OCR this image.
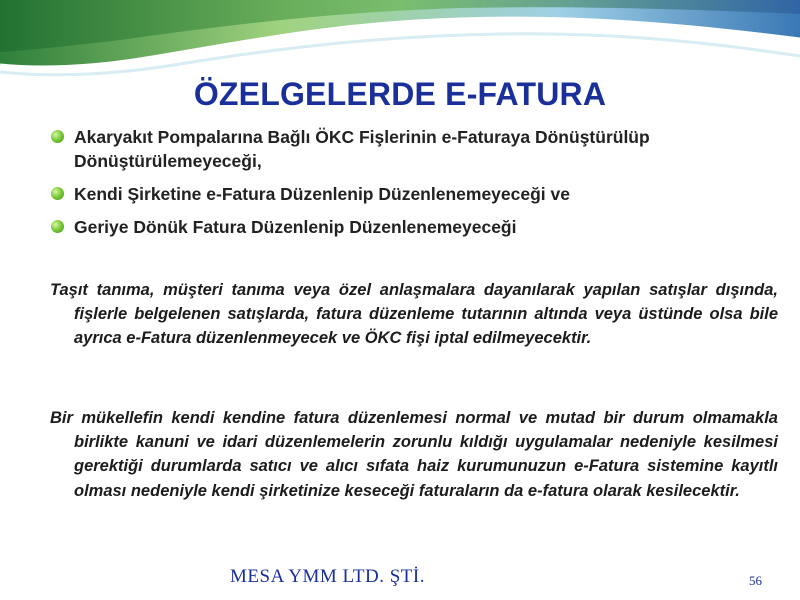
ÖZELGELERDE E-FATURA
Akaryakıt Pompalarına Bağlı ÖKC Fişlerinin e-Faturaya Dönüştürülüp Dönüştürülemeyeceği,
Kendi Şirketine e-Fatura Düzenlenip Düzenlenemeyeceği ve
Geriye Dönük Fatura Düzenlenip Düzenlenemeyeceği

Taşıt tanıma, müşteri tanıma veya özel anlaşmalara dayanılarak yapılan satışlar dışında, fişlerle belgelenen satışlarda, fatura düzenleme tutarının altında veya üstünde olsa bile ayrıca e-Fatura düzenlenmeyecek ve ÖKC fişi iptal edilmeyecektir.

Bir mükellefin kendi kendine fatura düzenlemesi normal ve mutad bir durum olmamakla birlikte kanuni ve idari düzenlemelerin zorunlu kıldığı uygulamalar nedeniyle kesilmesi gerektiği durumlarda satıcı ve alıcı sıfata haiz kurumunuzun e-Fatura sistemine kayıtlı olması nedeniyle kendi şirketinize keseceği faturaların da e-fatura olarak kesilecektir.

MESA YMM LTD. ŞTİ.	56
